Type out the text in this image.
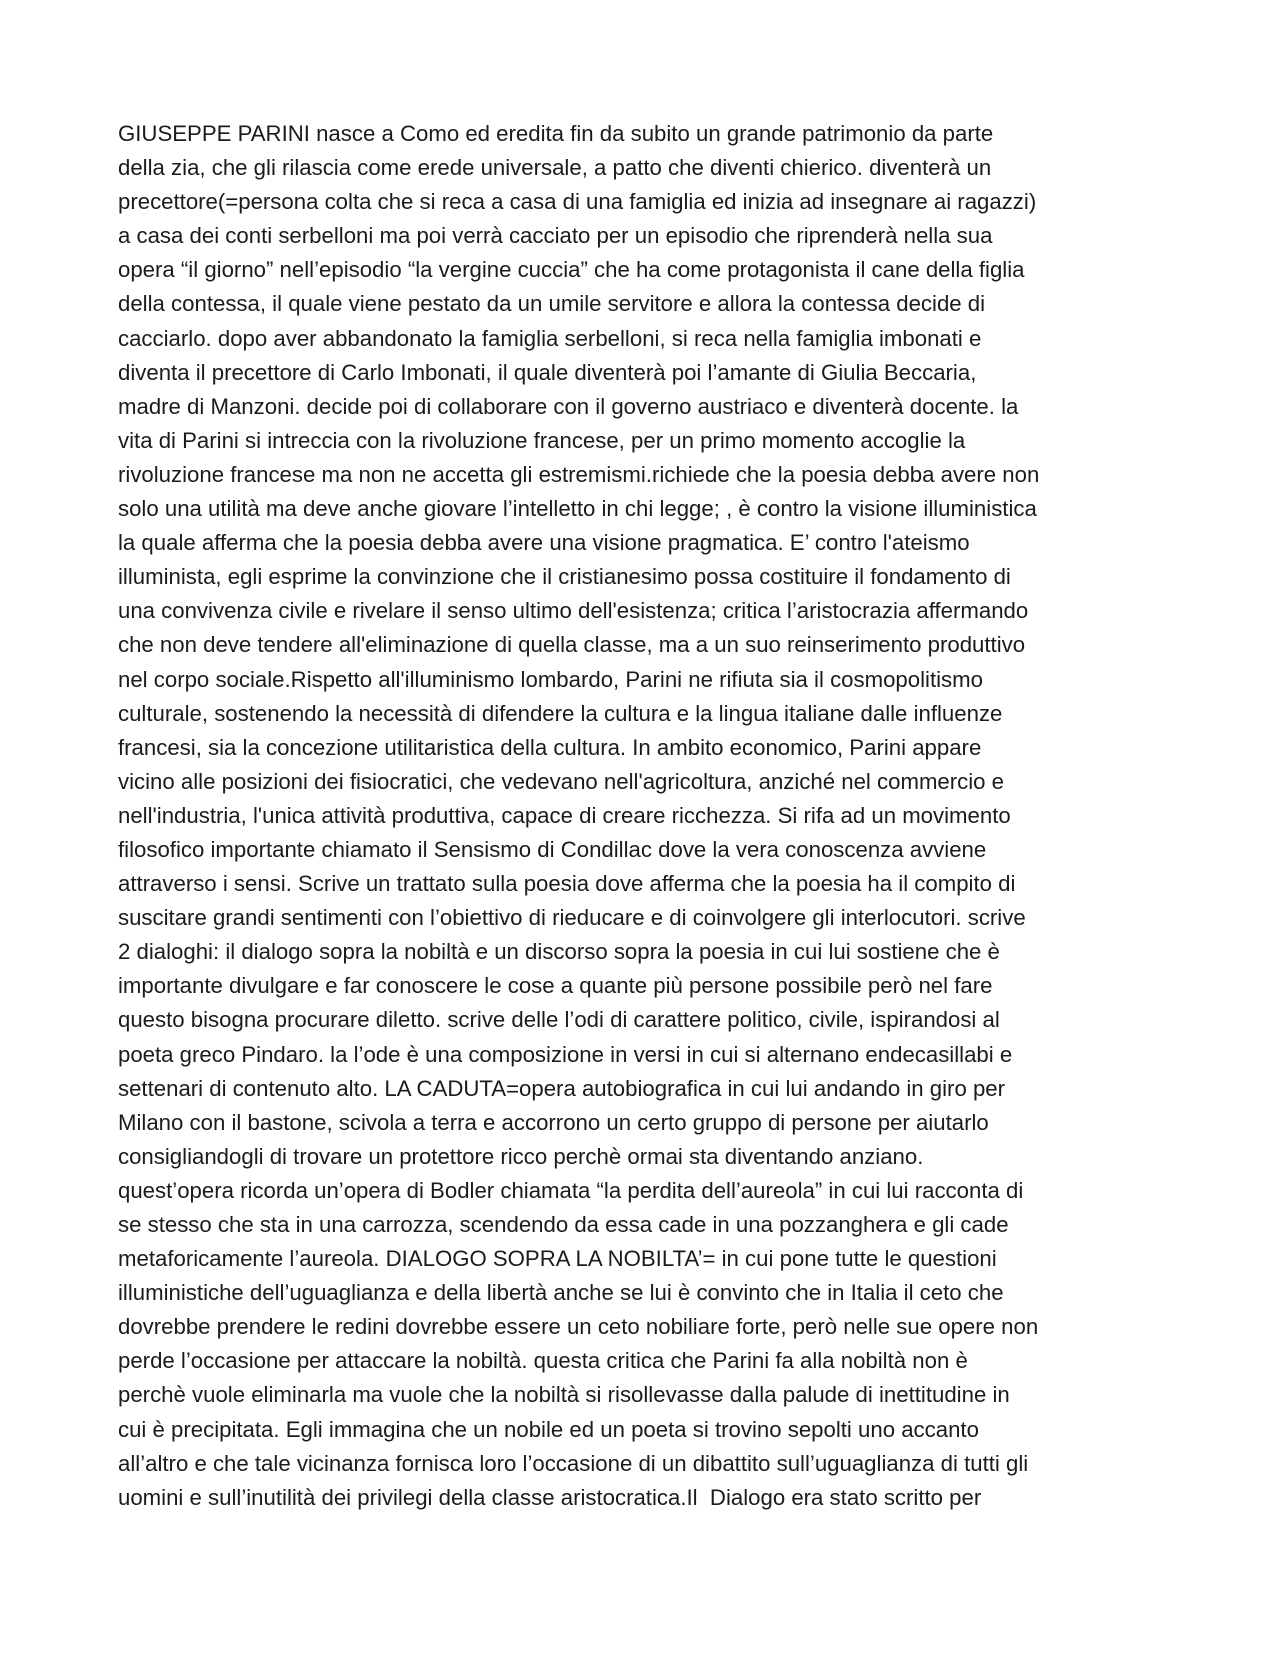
GIUSEPPE PARINI nasce a Como ed eredita fin da subito un grande patrimonio da parte
della zia, che gli rilascia come erede universale, a patto che diventi chierico. diventerà un
precettore(=persona colta che si reca a casa di una famiglia ed inizia ad insegnare ai ragazzi)
a casa dei conti serbelloni ma poi verrà cacciato per un episodio che riprenderà nella sua
opera “il giorno” nell’episodio “la vergine cuccia” che ha come protagonista il cane della figlia
della contessa, il quale viene pestato da un umile servitore e allora la contessa decide di
cacciarlo. dopo aver abbandonato la famiglia serbelloni, si reca nella famiglia imbonati e
diventa il precettore di Carlo Imbonati, il quale diventerà poi l’amante di Giulia Beccaria,
madre di Manzoni. decide poi di collaborare con il governo austriaco e diventerà docente. la
vita di Parini si intreccia con la rivoluzione francese, per un primo momento accoglie la
rivoluzione francese ma non ne accetta gli estremismi.richiede che la poesia debba avere non
solo una utilità ma deve anche giovare l’intelletto in chi legge; , è contro la visione illuministica
la quale afferma che la poesia debba avere una visione pragmatica. E’ contro l'ateismo
illuminista, egli esprime la convinzione che il cristianesimo possa costituire il fondamento di
una convivenza civile e rivelare il senso ultimo dell'esistenza; critica l’aristocrazia affermando
che non deve tendere all'eliminazione di quella classe, ma a un suo reinserimento produttivo
nel corpo sociale.Rispetto all'illuminismo lombardo, Parini ne rifiuta sia il cosmopolitismo
culturale, sostenendo la necessità di difendere la cultura e la lingua italiane dalle influenze
francesi, sia la concezione utilitaristica della cultura. In ambito economico, Parini appare
vicino alle posizioni dei fisiocratici, che vedevano nell'agricoltura, anziché nel commercio e
nell'industria, l'unica attività produttiva, capace di creare ricchezza. Si rifa ad un movimento
filosofico importante chiamato il Sensismo di Condillac dove la vera conoscenza avviene
attraverso i sensi. Scrive un trattato sulla poesia dove afferma che la poesia ha il compito di
suscitare grandi sentimenti con l’obiettivo di rieducare e di coinvolgere gli interlocutori. scrive
2 dialoghi: il dialogo sopra la nobiltà e un discorso sopra la poesia in cui lui sostiene che è
importante divulgare e far conoscere le cose a quante più persone possibile però nel fare
questo bisogna procurare diletto. scrive delle l’odi di carattere politico, civile, ispirandosi al
poeta greco Pindaro. la l’ode è una composizione in versi in cui si alternano endecasillabi e
settenari di contenuto alto. LA CADUTA=opera autobiografica in cui lui andando in giro per
Milano con il bastone, scivola a terra e accorrono un certo gruppo di persone per aiutarlo
consigliandogli di trovare un protettore ricco perchè ormai sta diventando anziano.
quest’opera ricorda un’opera di Bodler chiamata “la perdita dell’aureola” in cui lui racconta di
se stesso che sta in una carrozza, scendendo da essa cade in una pozzanghera e gli cade
metaforicamente l’aureola. DIALOGO SOPRA LA NOBILTA’= in cui pone tutte le questioni
illuministiche dell’uguaglianza e della libertà anche se lui è convinto che in Italia il ceto che
dovrebbe prendere le redini dovrebbe essere un ceto nobiliare forte, però nelle sue opere non
perde l’occasione per attaccare la nobiltà. questa critica che Parini fa alla nobiltà non è
perchè vuole eliminarla ma vuole che la nobiltà si risollevasse dalla palude di inettitudine in
cui è precipitata. Egli immagina che un nobile ed un poeta si trovino sepolti uno accanto
all’altro e che tale vicinanza fornisca loro l’occasione di un dibattito sull’uguaglianza di tutti gli
uomini e sull’inutilità dei privilegi della classe aristocratica.Il  Dialogo era stato scritto per
